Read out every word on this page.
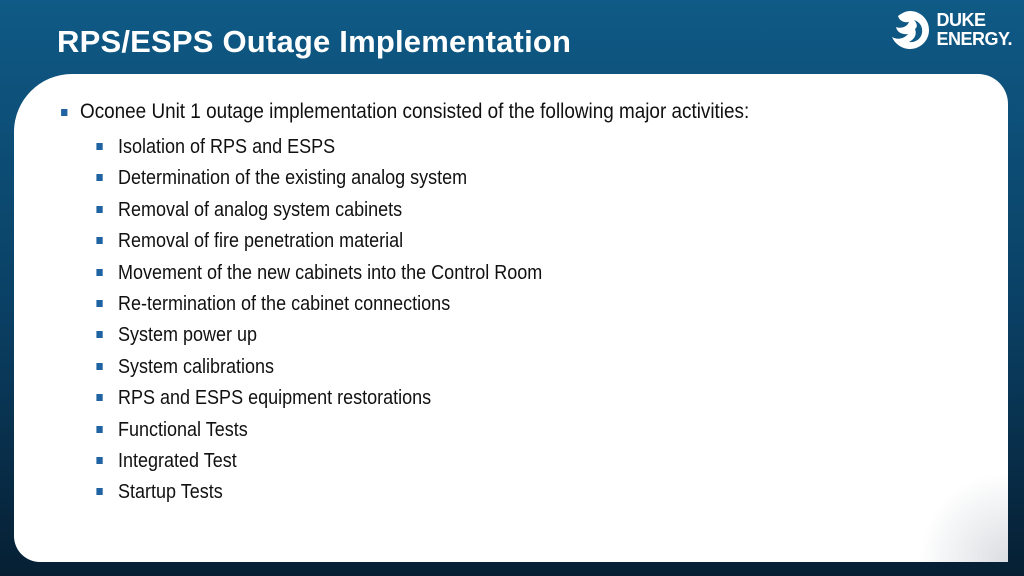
RPS/ESPS Outage Implementation
DUKE
ENERGY.
Oconee Unit 1 outage implementation consisted of the following major activities:
Isolation of RPS and ESPS
Determination of the existing analog system
Removal of analog system cabinets
Removal of fire penetration material
Movement of the new cabinets into the Control Room
Re-termination of the cabinet connections
System power up
System calibrations
RPS and ESPS equipment restorations
Functional Tests
Integrated Test
Startup Tests
